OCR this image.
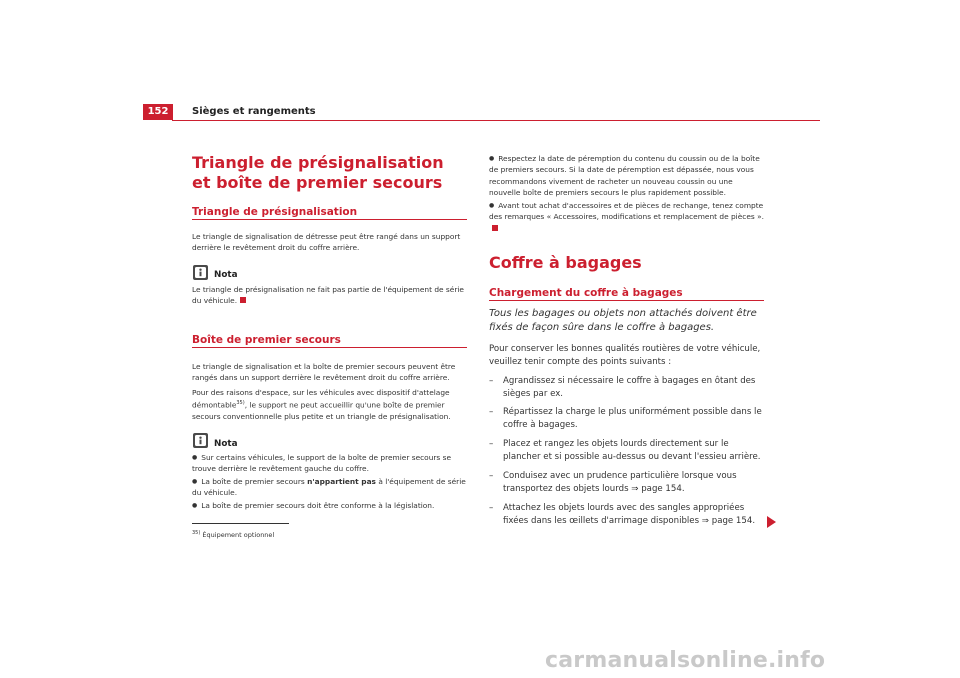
152	Sièges et rangements
Triangle de présignalisation et boîte de premier secours
Triangle de présignalisation
Le triangle de signalisation de détresse peut être rangé dans un support derrière le revêtement droit du coffre arrière.
Nota
Le triangle de présignalisation ne fait pas partie de l'équipement de série du véhicule.
Boîte de premier secours
Le triangle de signalisation et la boîte de premier secours peuvent être rangés dans un support derrière le revêtement droit du coffre arrière.
Pour des raisons d'espace, sur les véhicules avec dispositif d'attelage démontable$^{35)}$, le support ne peut accueillir qu'une boîte de premier secours conventionnelle plus petite et un triangle de présignalisation.
Nota
● Sur certains véhicules, le support de la boîte de premier secours se trouve derrière le revêtement gauche du coffre.
● La boîte de premier secours n'appartient pas à l'équipement de série du véhicule.
● La boîte de premier secours doit être conforme à la législation.
$^{35)}$ Équipement optionnel
● Respectez la date de péremption du contenu du coussin ou de la boîte de premiers secours. Si la date de péremption est dépassée, nous vous recommandons vivement de racheter un nouveau coussin ou une nouvelle boîte de premiers secours le plus rapidement possible.
● Avant tout achat d'accessoires et de pièces de rechange, tenez compte des remarques « Accessoires, modifications et remplacement de pièces ».
Coffre à bagages
Chargement du coffre à bagages
Tous les bagages ou objets non attachés doivent être fixés de façon sûre dans le coffre à bagages.
Pour conserver les bonnes qualités routières de votre véhicule, veuillez tenir compte des points suivants :
– Agrandissez si nécessaire le coffre à bagages en ôtant des sièges par ex.
– Répartissez la charge le plus uniformément possible dans le coffre à bagages.
– Placez et rangez les objets lourds directement sur le plancher et si possible au-dessus ou devant l'essieu arrière.
– Conduisez avec un prudence particulière lorsque vous transportez des objets lourds ⇒ page 154.
– Attachez les objets lourds avec des sangles appropriées fixées dans les œillets d'arrimage disponibles ⇒ page 154.
carmanualsonline.info
